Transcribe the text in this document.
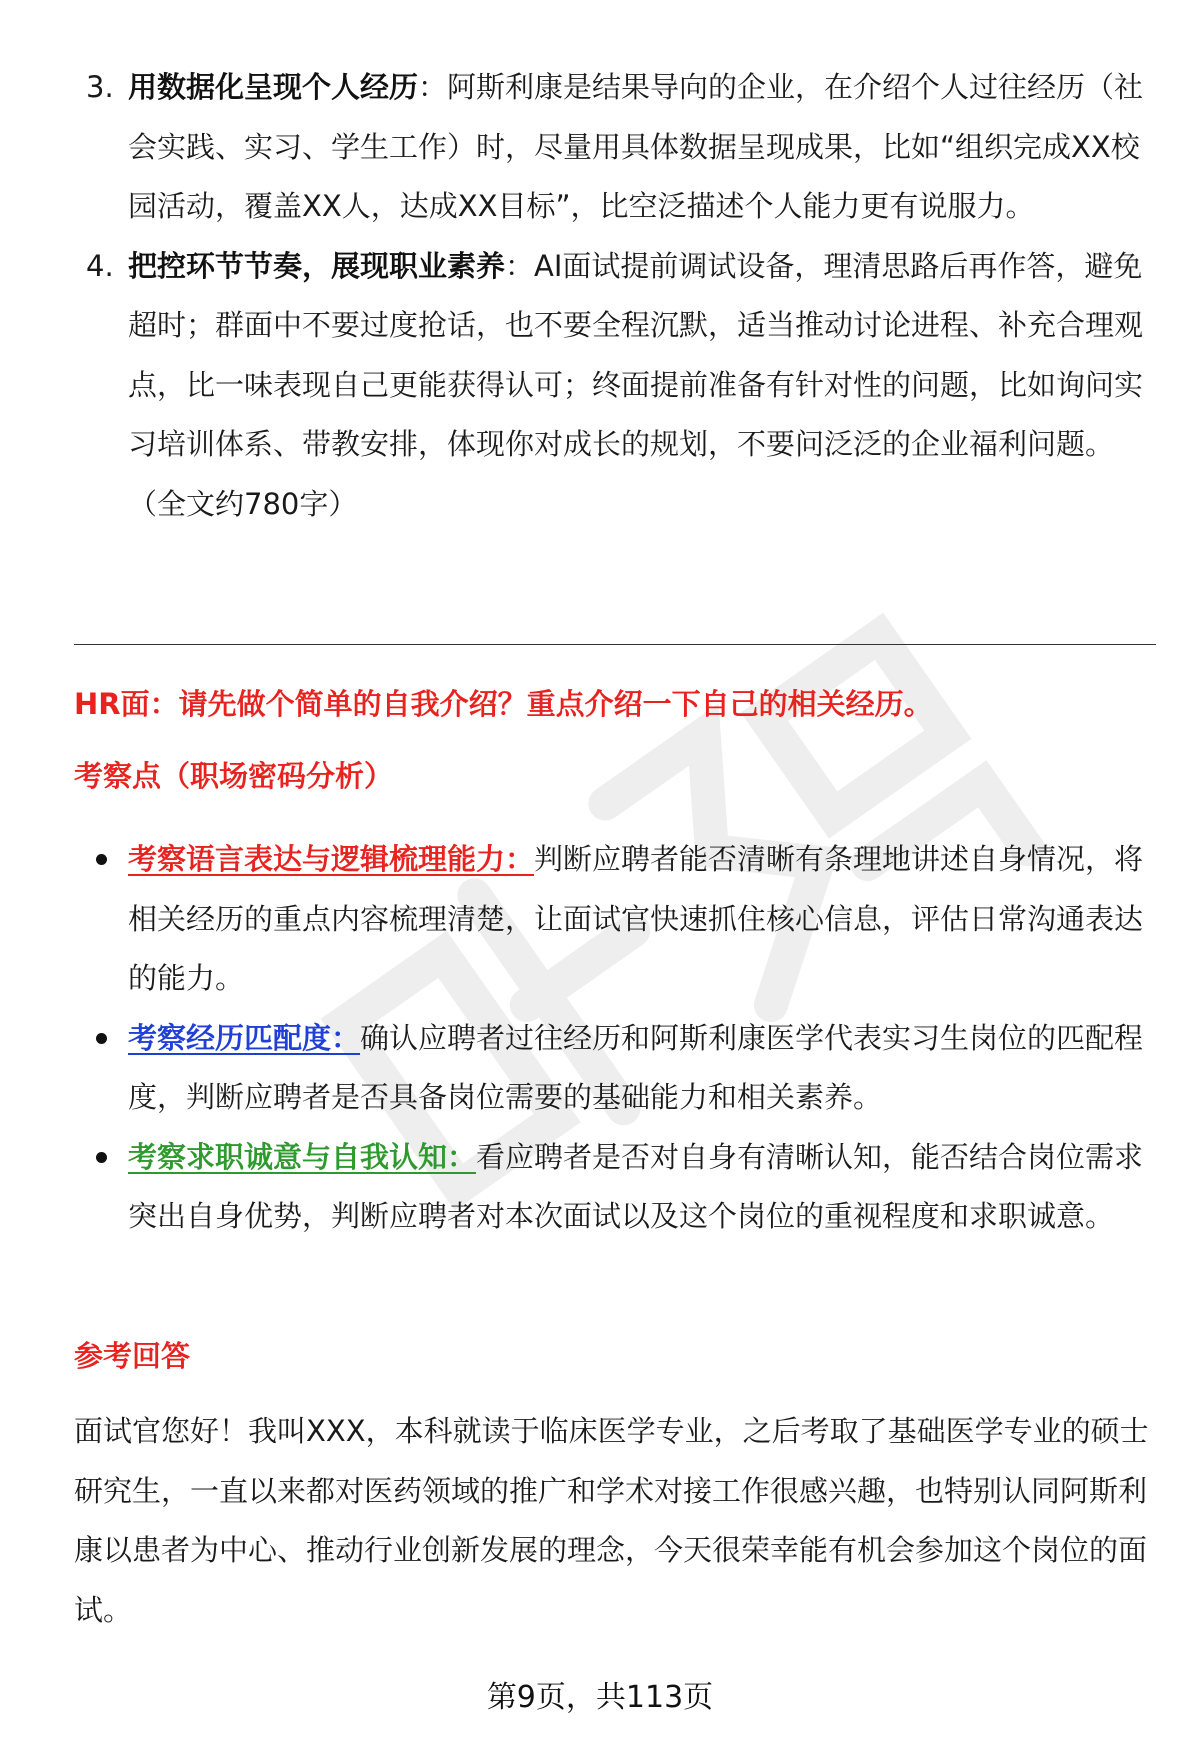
3. 用数据化呈现个人经历：阿斯利康是结果导向的企业，在介绍个人过往经历（社会实践、实习、学生工作）时，尽量用具体数据呈现成果，比如“组织完成XX校园活动，覆盖XX人，达成XX目标”，比空泛描述个人能力更有说服力。
4. 把控环节节奏，展现职业素养：AI面试提前调试设备，理清思路后再作答，避免超时；群面中不要过度抢话，也不要全程沉默，适当推动讨论进程、补充合理观点，比一味表现自己更能获得认可；终面提前准备有针对性的问题，比如询问实习培训体系、带教安排，体现你对成长的规划，不要问泛泛的企业福利问题。（全文约780字）
HR面：请先做个简单的自我介绍？重点介绍一下自己的相关经历。
考察点（职场密码分析）
考察语言表达与逻辑梳理能力：判断应聘者能否清晰有条理地讲述自身情况，将相关经历的重点内容梳理清楚，让面试官快速抓住核心信息，评估日常沟通表达的能力。
考察经历匹配度：确认应聘者过往经历和阿斯利康医学代表实习生岗位的匹配程度，判断应聘者是否具备岗位需要的基础能力和相关素养。
考察求职诚意与自我认知：看应聘者是否对自身有清晰认知，能否结合岗位需求突出自身优势，判断应聘者对本次面试以及这个岗位的重视程度和求职诚意。
参考回答

面试官您好！我叫XXX，本科就读于临床医学专业，之后考取了基础医学专业的硕士研究生，一直以来都对医药领域的推广和学术对接工作很感兴趣，也特别认同阿斯利康以患者为中心、推动行业创新发展的理念，今天很荣幸能有机会参加这个岗位的面试。

第9页，共113页
